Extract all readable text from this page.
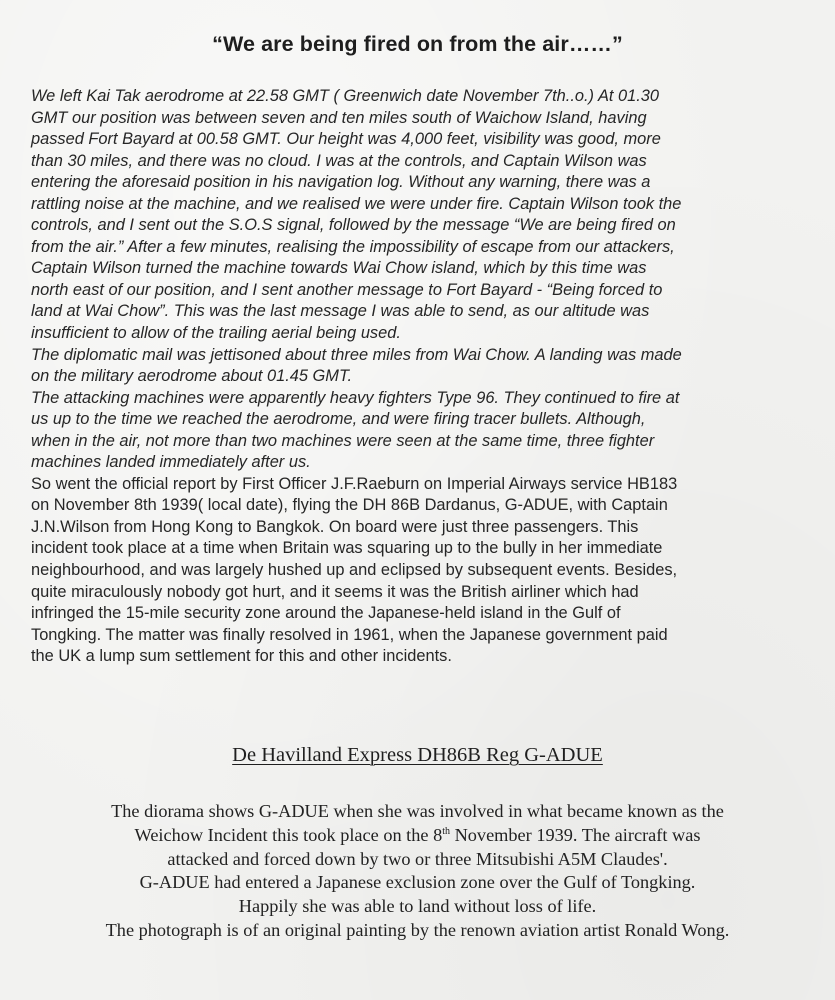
“We are being fired on from the air……”
We left Kai Tak aerodrome at 22.58 GMT ( Greenwich date November 7th..o.) At 01.30
GMT our position was between seven and ten miles south of Waichow Island, having
passed Fort Bayard at 00.58 GMT. Our height was 4,000 feet, visibility was good, more
than 30 miles, and there was no cloud. I was at the controls, and Captain Wilson was
entering the aforesaid position in his navigation log. Without any warning, there was a
rattling noise at the machine, and we realised we were under fire. Captain Wilson took the
controls, and I sent out the S.O.S signal, followed by the message “We are being fired on
from the air.” After a few minutes, realising the impossibility of escape from our attackers,
Captain Wilson turned the machine towards Wai Chow island, which by this time was
north east of our position, and I sent another message to Fort Bayard - “Being forced to
land at Wai Chow”. This was the last message I was able to send, as our altitude was
insufficient to allow of the trailing aerial being used.
The diplomatic mail was jettisoned about three miles from Wai Chow. A landing was made
on the military aerodrome about 01.45 GMT.
The attacking machines were apparently heavy fighters Type 96. They continued to fire at
us up to the time we reached the aerodrome, and were firing tracer bullets. Although,
when in the air, not more than two machines were seen at the same time, three fighter
machines landed immediately after us.
So went the official report by First Officer J.F.Raeburn on Imperial Airways service HB183
on November 8th 1939( local date), flying the DH 86B Dardanus, G-ADUE, with Captain
J.N.Wilson from Hong Kong to Bangkok. On board were just three passengers. This
incident took place at a time when Britain was squaring up to the bully in her immediate
neighbourhood, and was largely hushed up and eclipsed by subsequent events. Besides,
quite miraculously nobody got hurt, and it seems it was the British airliner which had
infringed the 15-mile security zone around the Japanese-held island in the Gulf of
Tongking. The matter was finally resolved in 1961, when the Japanese government paid
the UK a lump sum settlement for this and other incidents.
De Havilland Express DH86B Reg G-ADUE
The diorama shows G-ADUE when she was involved in what became known as the
Weichow Incident this took place on the 8th November 1939. The aircraft was
attacked and forced down by two or three Mitsubishi A5M Claudes'.
G-ADUE had entered a Japanese exclusion zone over the Gulf of Tongking.
Happily she was able to land without loss of life.
The photograph is of an original painting by the renown aviation artist Ronald Wong.
